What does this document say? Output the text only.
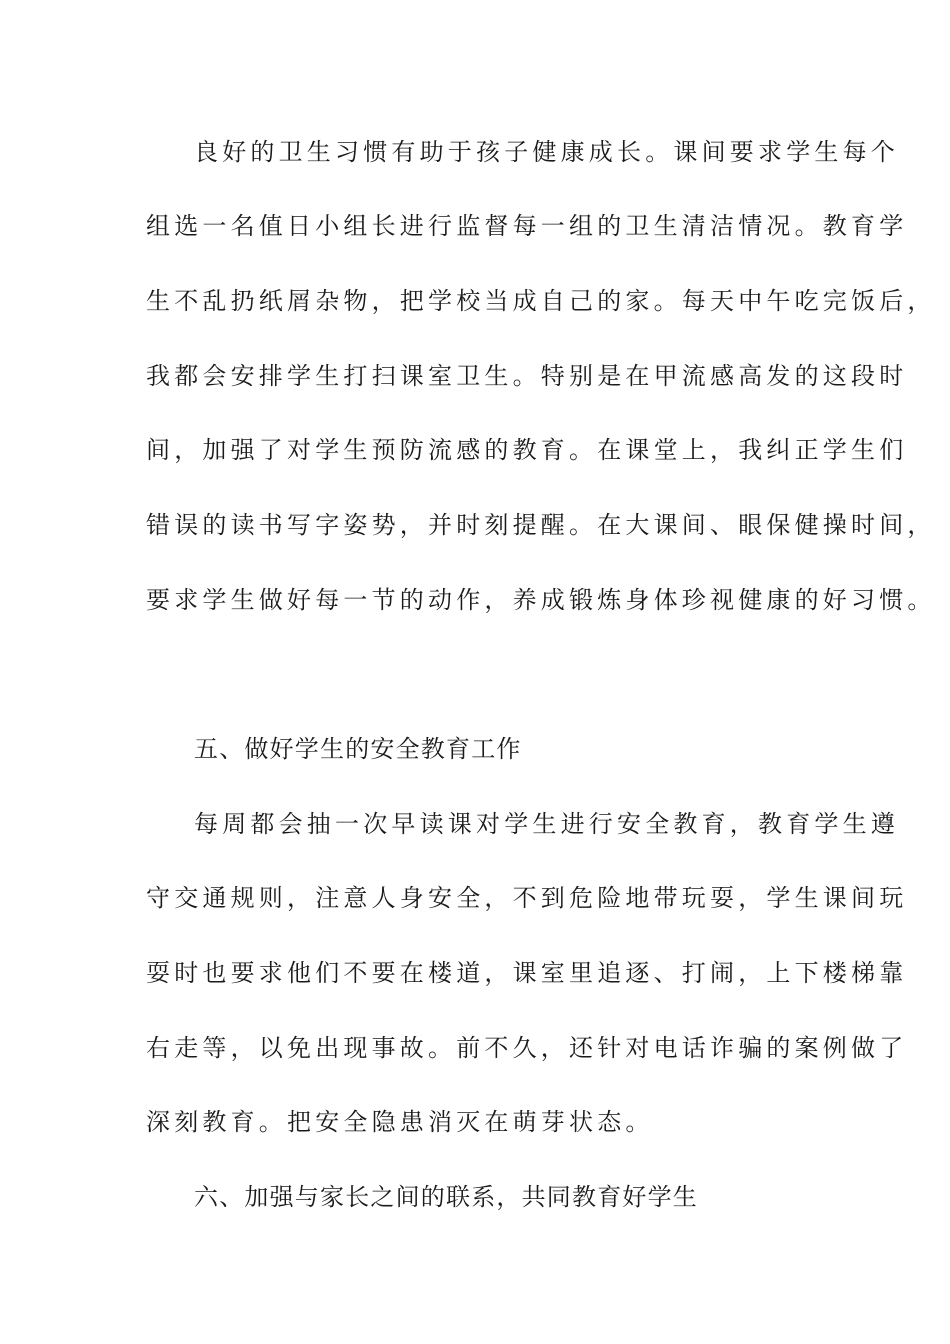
良好的卫生习惯有助于孩子健康成长。课间要求学生每个
组选一名值日小组长进行监督每一组的卫生清洁情况。教育学
生不乱扔纸屑杂物，把学校当成自己的家。每天中午吃完饭后，
我都会安排学生打扫课室卫生。特别是在甲流感高发的这段时
间，加强了对学生预防流感的教育。在课堂上，我纠正学生们
错误的读书写字姿势，并时刻提醒。在大课间、眼保健操时间，
要求学生做好每一节的动作，养成锻炼身体珍视健康的好习惯。
五、做好学生的安全教育工作
每周都会抽一次早读课对学生进行安全教育，教育学生遵
守交通规则，注意人身安全，不到危险地带玩耍，学生课间玩
耍时也要求他们不要在楼道，课室里追逐、打闹，上下楼梯靠
右走等，以免出现事故。前不久，还针对电话诈骗的案例做了
深刻教育。把安全隐患消灭在萌芽状态。
六、加强与家长之间的联系，共同教育好学生
